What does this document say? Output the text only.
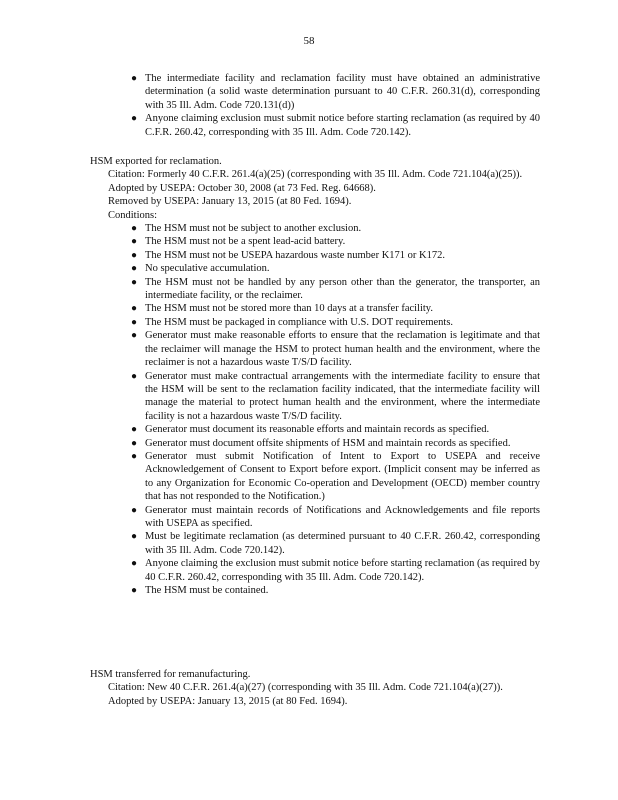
58
● The intermediate facility and reclamation facility must have obtained an administrative determination (a solid waste determination pursuant to 40 C.F.R. 260.31(d), corresponding with 35 Ill. Adm. Code 720.131(d))
● Anyone claiming exclusion must submit notice before starting reclamation (as required by 40 C.F.R. 260.42, corresponding with 35 Ill. Adm. Code 720.142).
HSM exported for reclamation.
Citation: Formerly 40 C.F.R. 261.4(a)(25) (corresponding with 35 Ill. Adm. Code 721.104(a)(25)).
Adopted by USEPA: October 30, 2008 (at 73 Fed. Reg. 64668).
Removed by USEPA: January 13, 2015 (at 80 Fed. 1694).
Conditions:
● The HSM must not be subject to another exclusion.
● The HSM must not be a spent lead-acid battery.
● The HSM must not be USEPA hazardous waste number K171 or K172.
● No speculative accumulation.
● The HSM must not be handled by any person other than the generator, the transporter, an intermediate facility, or the reclaimer.
● The HSM must not be stored more than 10 days at a transfer facility.
● The HSM must be packaged in compliance with U.S. DOT requirements.
● Generator must make reasonable efforts to ensure that the reclamation is legitimate and that the reclaimer will manage the HSM to protect human health and the environment, where the reclaimer is not a hazardous waste T/S/D facility.
● Generator must make contractual arrangements with the intermediate facility to ensure that the HSM will be sent to the reclamation facility indicated, that the intermediate facility will manage the material to protect human health and the environment, where the intermediate facility is not a hazardous waste T/S/D facility.
● Generator must document its reasonable efforts and maintain records as specified.
● Generator must document offsite shipments of HSM and maintain records as specified.
● Generator must submit Notification of Intent to Export to USEPA and receive Acknowledgement of Consent to Export before export. (Implicit consent may be inferred as to any Organization for Economic Co-operation and Development (OECD) member country that has not responded to the Notification.)
● Generator must maintain records of Notifications and Acknowledgements and file reports with USEPA as specified.
● Must be legitimate reclamation (as determined pursuant to 40 C.F.R. 260.42, corresponding with 35 Ill. Adm. Code 720.142).
● Anyone claiming the exclusion must submit notice before starting reclamation (as required by 40 C.F.R. 260.42, corresponding with 35 Ill. Adm. Code 720.142).
● The HSM must be contained.
HSM transferred for remanufacturing.
Citation: New 40 C.F.R. 261.4(a)(27) (corresponding with 35 Ill. Adm. Code 721.104(a)(27)).
Adopted by USEPA: January 13, 2015 (at 80 Fed. 1694).
